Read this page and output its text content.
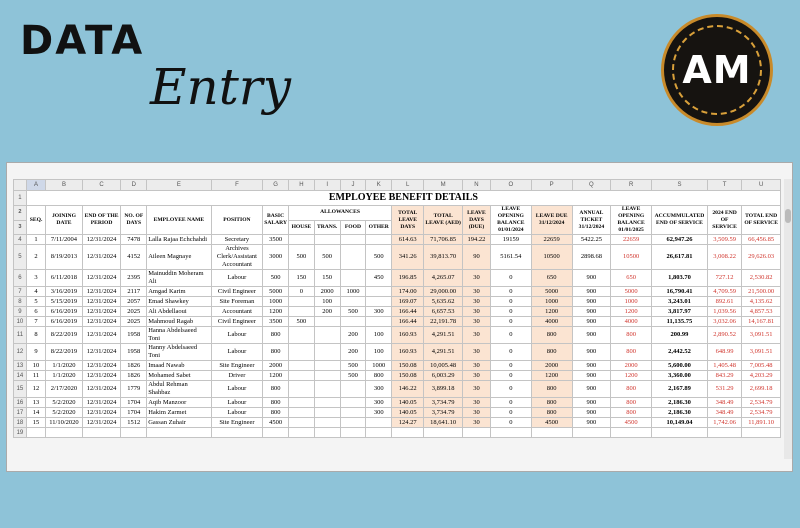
DATA
Entry	AM
	A	B	C	D	E	F	G	H	I	J	K	L	M	N	O	P	Q	R	S	T	U
1	EMPLOYEE BENEFIT DETAILS																				
2	SEQ.	JOINING DATE	END OF THE PERIOD	NO. OF DAYS	EMPLOYEE NAME	POSITION	BASIC SALARY	ALLOWANCES				TOTAL LEAVE DAYS	TOTAL LEAVE (AED)	LEAVE DAYS (DUE)	LEAVE OPENING BALANCE 01/01/2024	LEAVE DUE 31/12/2024	ANNUAL TICKET 31/12/2024	LEAVE OPENING BALANCE 01/01/2025	ACCUMMULATED END OF SERVICE	2024 END OF SERVICE	TOTAL END OF SERVICE
3								HOUSE	TRANS.	FOOD	OTHER										
4	1	7/11/2004	12/31/2024	7478	Lalla Rajaa Echchahdi	Secretary	3500					614.63	71,706.85	194.22	19159	22659	5422.25	22659	62,947.26	3,509.59	66,456.85
5	2	8/19/2013	12/31/2024	4152	Aileen Magnaye	Archives Clerk/Assistant Accountant	3000	500	500		500	341.26	39,813.70	90	5161.54	10500	2898.68	10500	26,617.81	3,008.22	29,626.03
6	3	6/11/2018	12/31/2024	2395	Mainuddin Moheram Ali	Labour	500	150	150		450	196.85	4,265.07	30	0	650	900	650	1,803.70	727.12	2,530.82
7	4	3/16/2019	12/31/2024	2117	Amgad Karim	Civil Engineer	5000	0	2000	1000		174.00	29,000.00	30	0	5000	900	5000	16,790.41	4,709.59	21,500.00
8	5	5/15/2019	12/31/2024	2057	Emad Shawkey	Site Foreman	1000		100			169.07	5,635.62	30	0	1000	900	1000	3,243.01	892.61	4,135.62
9	6	6/16/2019	12/31/2024	2025	Ali Abdellaoui	Accountant	1200		200	500	300	166.44	6,657.53	30	0	1200	900	1200	3,817.97	1,039.56	4,857.53
10	7	6/16/2019	12/31/2024	2025	Mahmoud Ragab	Civil Engineer	3500	500				166.44	22,191.78	30	0	4000	900	4000	11,135.75	3,032.06	14,167.81
11	8	8/22/2019	12/31/2024	1958	Hanna Abdelsaeed Toni	Labour	800			200	100	160.93	4,291.51	30	0	800	900	800	200.99	2,890.52	3,091.51
12	9	8/22/2019	12/31/2024	1958	Hanny Abdelsaeed Toni	Labour	800			200	100	160.93	4,291.51	30	0	800	900	800	2,442.52	648.99	3,091.51
13	10	1/1/2020	12/31/2024	1826	Imaad Nawab	Site Engineer	2000			500	1000	150.08	10,005.48	30	0	2000	900	2000	5,600.00	1,405.48	7,005.48
14	11	1/1/2020	12/31/2024	1826	Mohamed Sabet	Driver	1200			500	800	150.08	6,003.29	30	0	1200	900	1200	3,360.00	843.29	4,203.29
15	12	2/17/2020	12/31/2024	1779	Abdul Rehman Shahbaz	Labour	800				300	146.22	3,899.18	30	0	800	900	800	2,167.89	531.29	2,699.18
16	13	5/2/2020	12/31/2024	1704	Aqib Manzoor	Labour	800				300	140.05	3,734.79	30	0	800	900	800	2,186.30	348.49	2,534.79
17	14	5/2/2020	12/31/2024	1704	Hakim Zarmet	Labour	800				300	140.05	3,734.79	30	0	800	900	800	2,186.30	348.49	2,534.79
18	15	11/10/2020	12/31/2024	1512	Gassan Zuhair	Site Engineer	4500					124.27	18,641.10	30	0	4500	900	4500	10,149.04	1,742.06	11,891.10
19																					
